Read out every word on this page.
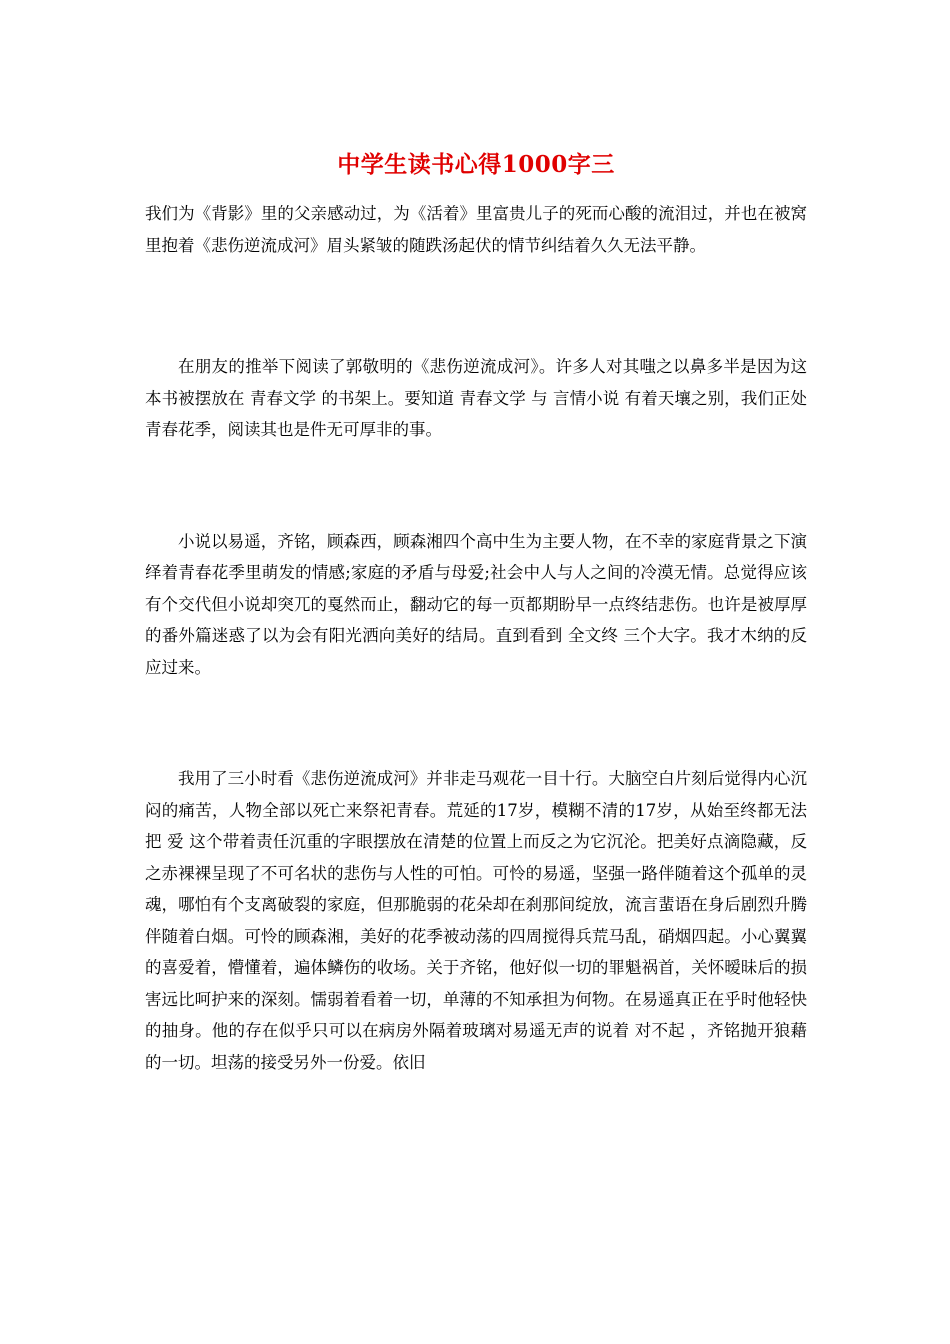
中学生读书心得1000字三

我们为《背影》里的父亲感动过，为《活着》里富贵儿子的死而心酸的流泪过，并也在被窝里抱着《悲伤逆流成河》眉头紧皱的随跌汤起伏的情节纠结着久久无法平静。

在朋友的推举下阅读了郭敬明的《悲伤逆流成河》。许多人对其嗤之以鼻多半是因为这本书被摆放在 青春文学 的书架上。要知道 青春文学 与 言情小说 有着天壤之别，我们正处青春花季，阅读其也是件无可厚非的事。

小说以易遥，齐铭，顾森西，顾森湘四个高中生为主要人物，在不幸的家庭背景之下演绎着青春花季里萌发的情感;家庭的矛盾与母爱;社会中人与人之间的冷漠无情。总觉得应该有个交代但小说却突兀的戛然而止，翻动它的每一页都期盼早一点终结悲伤。也许是被厚厚的番外篇迷惑了以为会有阳光洒向美好的结局。直到看到 全文终 三个大字。我才木纳的反应过来。

我用了三小时看《悲伤逆流成河》并非走马观花一目十行。大脑空白片刻后觉得内心沉闷的痛苦，人物全部以死亡来祭祀青春。荒延的17岁，模糊不清的17岁，从始至终都无法把 爱 这个带着责任沉重的字眼摆放在清楚的位置上而反之为它沉沦。把美好点滴隐藏，反之赤裸裸呈现了不可名状的悲伤与人性的可怕。可怜的易遥，坚强一路伴随着这个孤单的灵魂，哪怕有个支离破裂的家庭，但那脆弱的花朵却在刹那间绽放，流言蜚语在身后剧烈升腾伴随着白烟。可怜的顾森湘，美好的花季被动荡的四周搅得兵荒马乱，硝烟四起。小心翼翼的喜爱着，懵懂着，遍体鳞伤的收场。关于齐铭，他好似一切的罪魁祸首，关怀暧昧后的损害远比呵护来的深刻。懦弱着看着一切，单薄的不知承担为何物。在易遥真正在乎时他轻快的抽身。他的存在似乎只可以在病房外隔着玻璃对易遥无声的说着 对不起 ，齐铭抛开狼藉的一切。坦荡的接受另外一份爱。依旧
